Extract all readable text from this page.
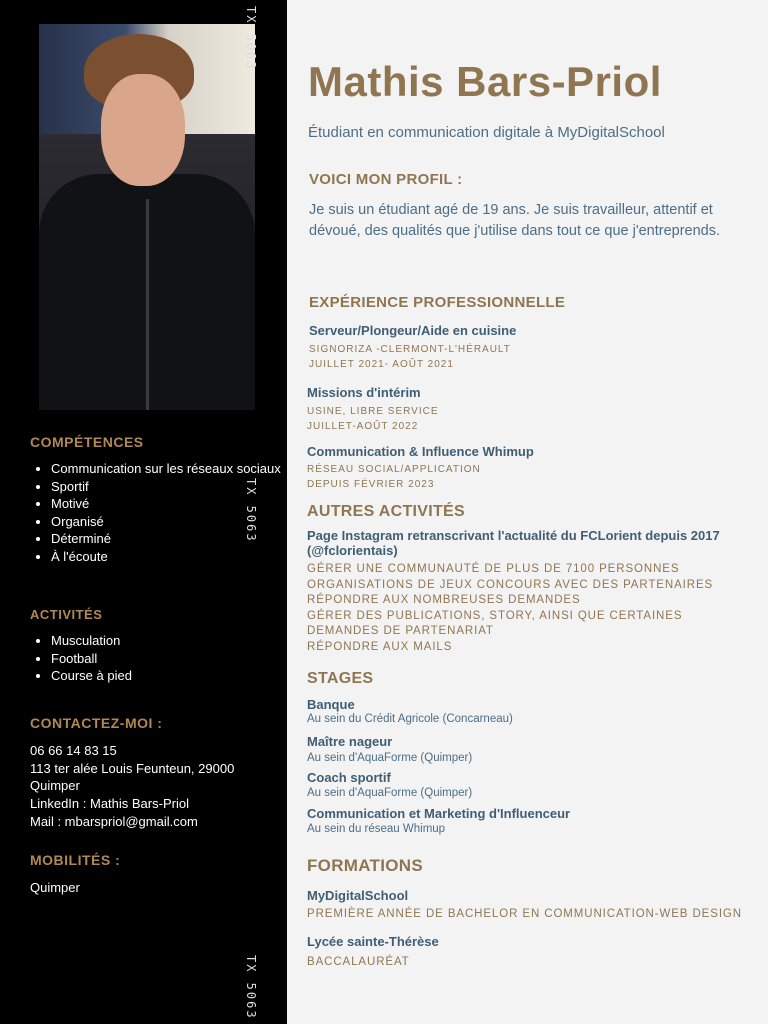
TX 5063
TX 5063
TX 5063
COMPÉTENCES
• Communication sur les réseaux sociaux
• Sportif
• Motivé
• Organisé
• Déterminé
• À l'écoute
ACTIVITÉS
• Musculation
• Football
• Course à pied
CONTACTEZ-MOI :
06 66 14 83 15
113 ter alée Louis Feunteun, 29000 Quimper
LinkedIn : Mathis Bars-Priol
Mail : mbarspriol@gmail.com
MOBILITÉS :
Quimper
Mathis Bars-Priol
Étudiant en communication digitale à MyDigitalSchool
VOICI MON PROFIL :
Je suis un étudiant agé de 19 ans. Je suis travailleur, attentif et dévoué, des qualités que j'utilise dans tout ce que j'entreprends.
EXPÉRIENCE PROFESSIONNELLE
Serveur/Plongeur/Aide en cuisine
SIGNORIZA -CLERMONT-L'HÉRAULT
JUILLET 2021- AOÛT 2021
Missions d'intérim
USINE, LIBRE SERVICE
JUILLET-AOÛT 2022
Communication & Influence Whimup
RÉSEAU SOCIAL/APPLICATION
DEPUIS FÉVRIER 2023
AUTRES ACTIVITÉS
Page Instagram retranscrivant l'actualité du FCLorient depuis 2017 (@fclorientais)
GÉRER UNE COMMUNAUTÉ DE PLUS DE 7100 PERSONNES
ORGANISATIONS DE JEUX CONCOURS AVEC DES PARTENAIRES
RÉPONDRE AUX NOMBREUSES DEMANDES
GÉRER DES PUBLICATIONS, STORY, AINSI QUE CERTAINES DEMANDES DE PARTENARIAT
RÉPONDRE AUX MAILS
STAGES
Banque
Au sein du Crédit Agricole (Concarneau)
Maître nageur
Au sein d'AquaForme (Quimper)
Coach sportif
Au sein d'AquaForme (Quimper)
Communication et Marketing d'Influenceur
Au sein du réseau Whimup
FORMATIONS
MyDigitalSchool
PREMIÈRE ANNÉE DE BACHELOR EN COMMUNICATION-WEB DESIGN
Lycée sainte-Thérèse
BACCALAURÉAT
